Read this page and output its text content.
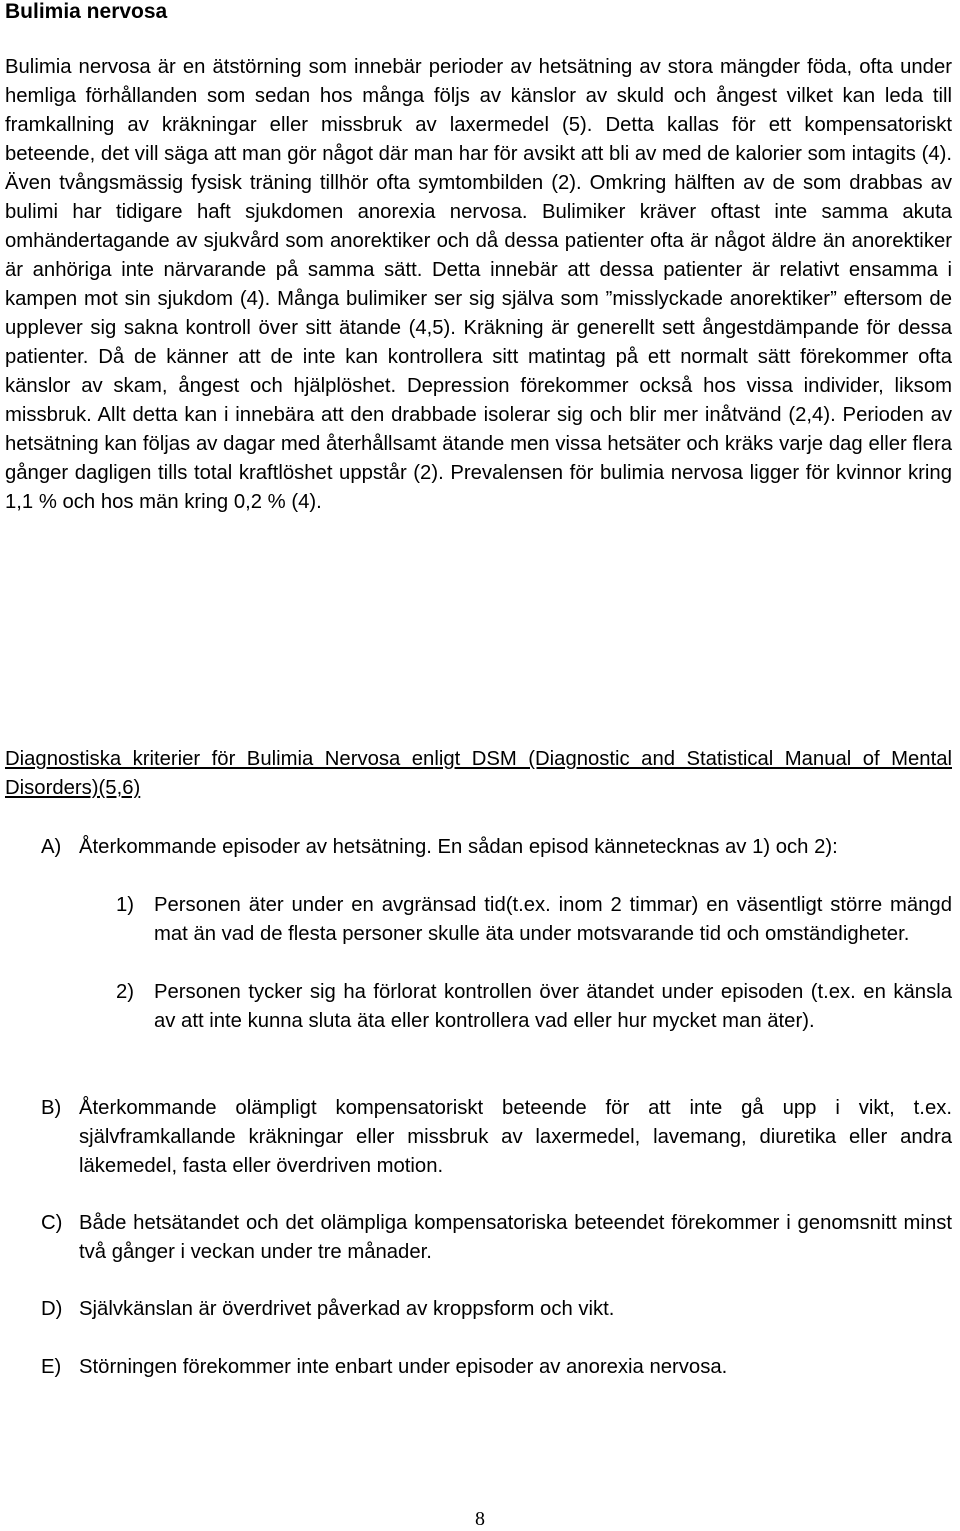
Bulimia nervosa

Bulimia nervosa är en ätstörning som innebär perioder av hetsätning av stora mängder föda, ofta under hemliga förhållanden som sedan hos många följs av känslor av skuld och ångest vilket kan leda till framkallning av kräkningar eller missbruk av laxermedel (5). Detta kallas för ett kompensatoriskt beteende, det vill säga att man gör något där man har för avsikt att bli av med de kalorier som intagits (4). Även tvångsmässig fysisk träning tillhör ofta symtombilden (2). Omkring hälften av de som drabbas av bulimi har tidigare haft sjukdomen anorexia nervosa. Bulimiker kräver oftast inte samma akuta omhändertagande av sjukvård som anorektiker och då dessa patienter ofta är något äldre än anorektiker är anhöriga inte närvarande på samma sätt. Detta innebär att dessa patienter är relativt ensamma i kampen mot sin sjukdom (4). Många bulimiker ser sig själva som ”misslyckade anorektiker” eftersom de upplever sig sakna kontroll över sitt ätande (4,5). Kräkning är generellt sett ångestdämpande för dessa patienter. Då de känner att de inte kan kontrollera sitt matintag på ett normalt sätt förekommer ofta känslor av skam, ångest och hjälplöshet. Depression förekommer också hos vissa individer, liksom missbruk. Allt detta kan i innebära att den drabbade isolerar sig och blir mer inåtvänd (2,4). Perioden av hetsätning kan följas av dagar med återhållsamt ätande men vissa hetsäter och kräks varje dag eller flera gånger dagligen tills total kraftlöshet uppstår (2). Prevalensen för bulimia nervosa ligger för kvinnor kring 1,1 % och hos män kring 0,2 % (4).

Diagnostiska kriterier för Bulimia Nervosa enligt DSM (Diagnostic and Statistical Manual of Mental Disorders)(5,6)

A) Återkommande episoder av hetsätning. En sådan episod kännetecknas av 1) och 2):
1) Personen äter under en avgränsad tid(t.ex. inom 2 timmar) en väsentligt större mängd mat än vad de flesta personer skulle äta under motsvarande tid och omständigheter.
2) Personen tycker sig ha förlorat kontrollen över ätandet under episoden (t.ex. en känsla av att inte kunna sluta äta eller kontrollera vad eller hur mycket man äter).
B) Återkommande olämpligt kompensatoriskt beteende för att inte gå upp i vikt, t.ex. självframkallande kräkningar eller missbruk av laxermedel, lavemang, diuretika eller andra läkemedel, fasta eller överdriven motion.
C) Både hetsätandet och det olämpliga kompensatoriska beteendet förekommer i genomsnitt minst två gånger i veckan under tre månader.
D) Självkänslan är överdrivet påverkad av kroppsform och vikt.
E) Störningen förekommer inte enbart under episoder av anorexia nervosa.
8
